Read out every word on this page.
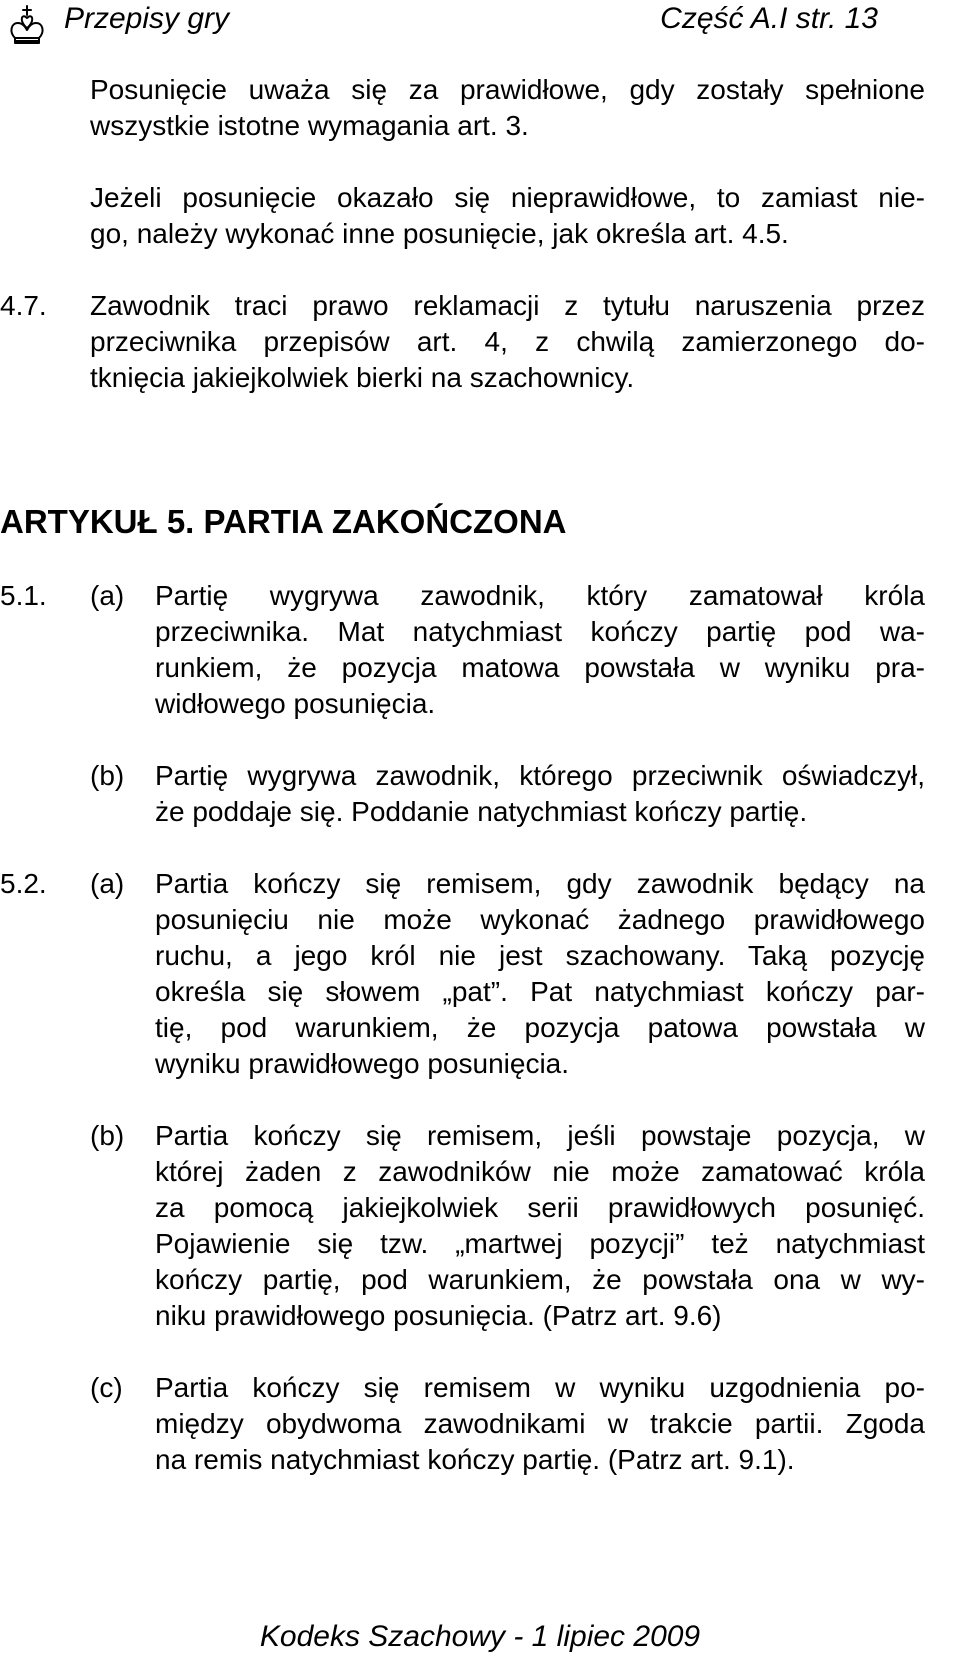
Przepisy gry	Część A.I str. 13
Posunięcie uważa się za prawidłowe, gdy zostały spełnione
wszystkie istotne wymagania art. 3.
Jeżeli posunięcie okazało się nieprawidłowe, to zamiast nie-
go, należy wykonać inne posunięcie, jak określa art. 4.5.
4.7. Zawodnik traci prawo reklamacji z tytułu naruszenia przez
przeciwnika przepisów art. 4, z chwilą zamierzonego do-
tknięcia jakiejkolwiek bierki na szachownicy.
ARTYKUŁ 5. PARTIA ZAKOŃCZONA
5.1. (a) Partię wygrywa zawodnik, który zamatował króla
przeciwnika. Mat natychmiast kończy partię pod wa-
runkiem, że pozycja matowa powstała w wyniku pra-
widłowego posunięcia.
(b) Partię wygrywa zawodnik, którego przeciwnik oświadczył,
że poddaje się. Poddanie natychmiast kończy partię.
5.2. (a) Partia kończy się remisem, gdy zawodnik będący na
posunięciu nie może wykonać żadnego prawidłowego
ruchu, a jego król nie jest szachowany. Taką pozycję
określa się słowem „pat”. Pat natychmiast kończy par-
tię, pod warunkiem, że pozycja patowa powstała w
wyniku prawidłowego posunięcia.
(b) Partia kończy się remisem, jeśli powstaje pozycja, w
której żaden z zawodników nie może zamatować króla
za pomocą jakiejkolwiek serii prawidłowych posunięć.
Pojawienie się tzw. „martwej pozycji” też natychmiast
kończy partię, pod warunkiem, że powstała ona w wy-
niku prawidłowego posunięcia. (Patrz art. 9.6)
(c) Partia kończy się remisem w wyniku uzgodnienia po-
między obydwoma zawodnikami w trakcie partii. Zgoda
na remis natychmiast kończy partię. (Patrz art. 9.1).
Kodeks Szachowy - 1 lipiec 2009
